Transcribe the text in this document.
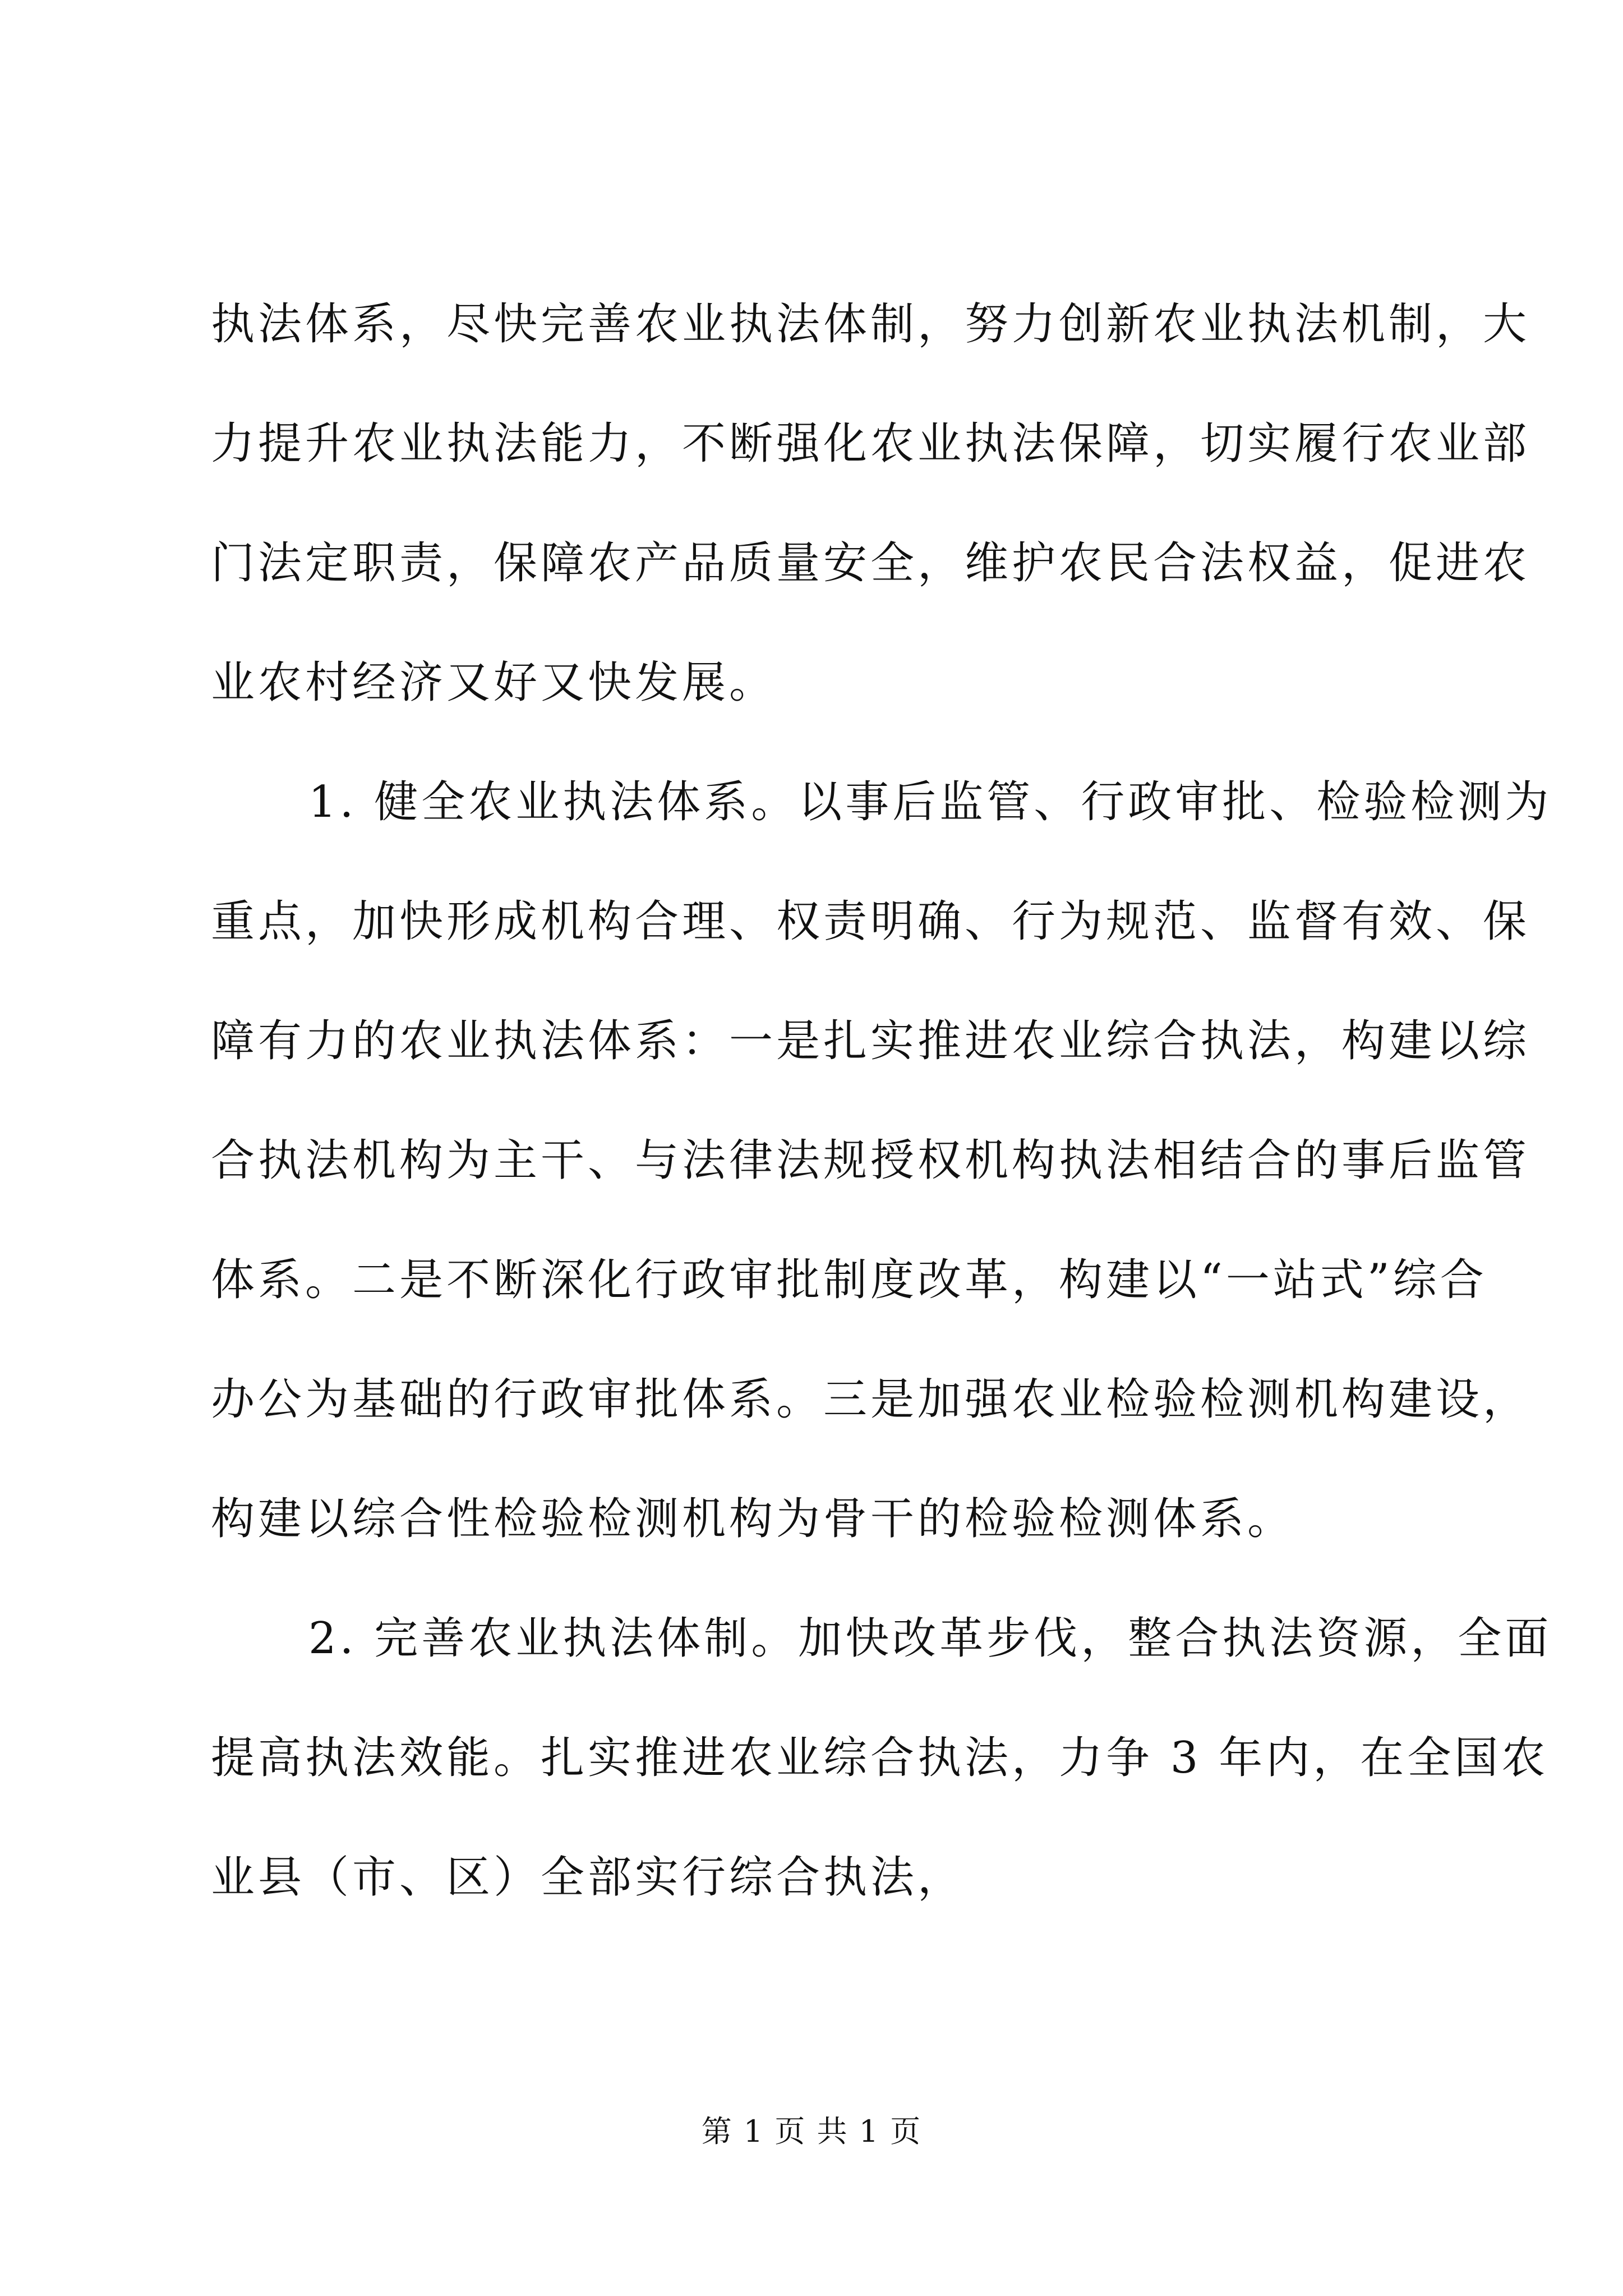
执法体系，尽快完善农业执法体制，努力创新农业执法机制，大
力提升农业执法能力，不断强化农业执法保障，切实履行农业部
门法定职责，保障农产品质量安全，维护农民合法权益，促进农
业农村经济又好又快发展。
1. 健全农业执法体系。以事后监管、行政审批、检验检测为
重点，加快形成机构合理、权责明确、行为规范、监督有效、保
障有力的农业执法体系：一是扎实推进农业综合执法，构建以综
合执法机构为主干、与法律法规授权机构执法相结合的事后监管
体系。二是不断深化行政审批制度改革，构建以“一站式”综合
办公为基础的行政审批体系。三是加强农业检验检测机构建设，
构建以综合性检验检测机构为骨干的检验检测体系。
2. 完善农业执法体制。加快改革步伐，整合执法资源，全面
提高执法效能。扎实推进农业综合执法，力争 3 年内，在全国农
业县（市、区）全部实行综合执法，
第 1 页 共 1 页
